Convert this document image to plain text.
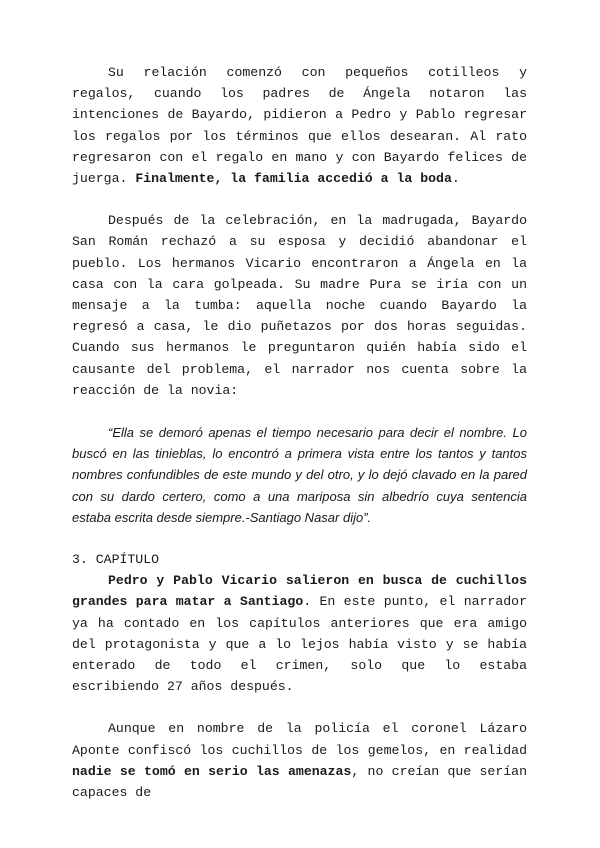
Su relación comenzó con pequeños cotilleos y regalos, cuando los padres de Ángela notaron las intenciones de Bayardo, pidieron a Pedro y Pablo regresar los regalos por los términos que ellos desearan. Al rato regresaron con el regalo en mano y con Bayardo felices de juerga. Finalmente, la familia accedió a la boda.

Después de la celebración, en la madrugada, Bayardo San Román rechazó a su esposa y decidió abandonar el pueblo. Los hermanos Vicario encontraron a Ángela en la casa con la cara golpeada. Su madre Pura se iría con un mensaje a la tumba: aquella noche cuando Bayardo la regresó a casa, le dio puñetazos por dos horas seguidas. Cuando sus hermanos le preguntaron quién había sido el causante del problema, el narrador nos cuenta sobre la reacción de la novia:

“Ella se demoró apenas el tiempo necesario para decir el nombre. Lo buscó en las tinieblas, lo encontró a primera vista entre los tantos y tantos nombres confundibles de este mundo y del otro, y lo dejó clavado en la pared con su dardo certero, como a una mariposa sin albedrío cuya sentencia estaba escrita desde siempre.-Santiago Nasar dijo”.

3. CAPÍTULO

Pedro y Pablo Vicario salieron en busca de cuchillos grandes para matar a Santiago. En este punto, el narrador ya ha contado en los capítulos anteriores que era amigo del protagonista y que a lo lejos había visto y se había enterado de todo el crimen, solo que lo estaba escribiendo 27 años después.

Aunque en nombre de la policía el coronel Lázaro Aponte confiscó los cuchillos de los gemelos, en realidad nadie se tomó en serio las amenazas, no creían que serían capaces de
